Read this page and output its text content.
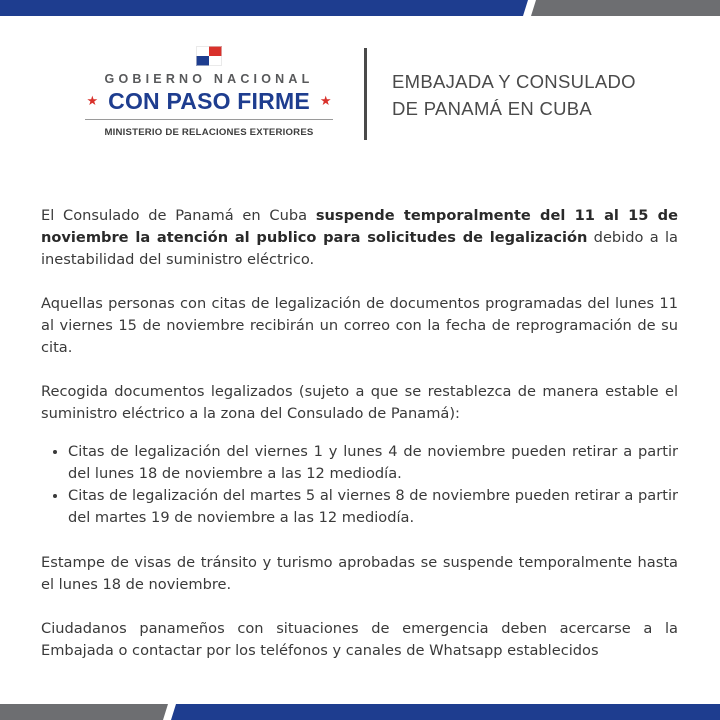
GOBIERNO NACIONAL
★ CON PASO FIRME ★
MINISTERIO DE RELACIONES EXTERIORES
EMBAJADA Y CONSULADO
DE PANAMÁ EN CUBA

El Consulado de Panamá en Cuba suspende temporalmente del 11 al 15 de noviembre la atención al publico para solicitudes de legalización debido a la inestabilidad del suministro eléctrico.

Aquellas personas con citas de legalización de documentos programadas del lunes 11 al viernes 15 de noviembre recibirán un correo con la fecha de reprogramación de su cita.

Recogida documentos legalizados (sujeto a que se restablezca de manera estable el suministro eléctrico a la zona del Consulado de Panamá):

• Citas de legalización del viernes 1 y lunes 4 de noviembre pueden retirar a partir del lunes 18 de noviembre a las 12 mediodía.
• Citas de legalización del martes 5 al viernes 8 de noviembre pueden retirar a partir del martes 19 de noviembre a las 12 mediodía.

Estampe de visas de tránsito y turismo aprobadas se suspende temporalmente hasta el lunes 18 de noviembre.

Ciudadanos panameños con situaciones de emergencia deben acercarse a la Embajada o contactar por los teléfonos y canales de Whatsapp establecidos
